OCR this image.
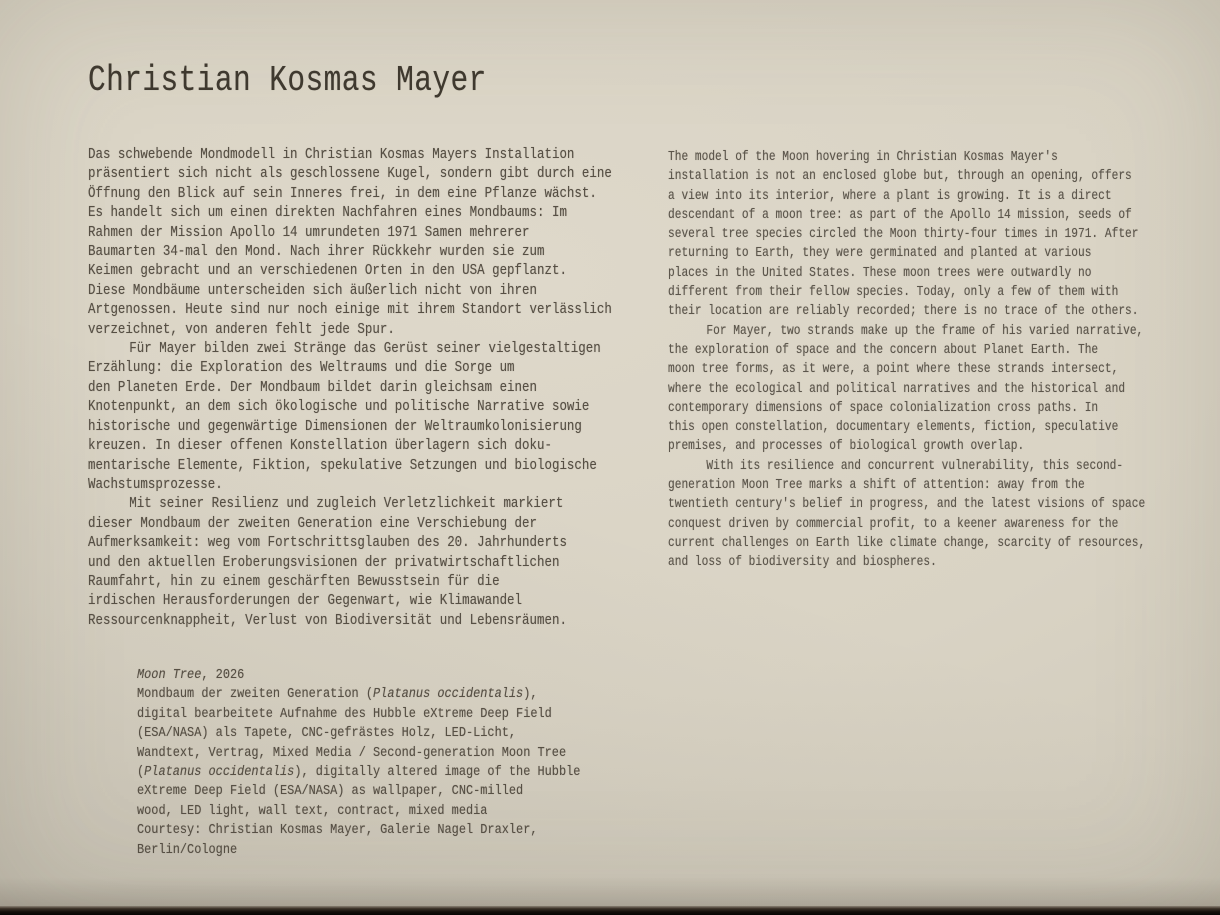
Christian Kosmas Mayer
Das schwebende Mondmodell in Christian Kosmas Mayers Installation
präsentiert sich nicht als geschlossene Kugel, sondern gibt durch eine
Öffnung den Blick auf sein Inneres frei, in dem eine Pflanze wächst.
Es handelt sich um einen direkten Nachfahren eines Mondbaums: Im
Rahmen der Mission Apollo 14 umrundeten 1971 Samen mehrerer
Baumarten 34-mal den Mond. Nach ihrer Rückkehr wurden sie zum
Keimen gebracht und an verschiedenen Orten in den USA gepflanzt.
Diese Mondbäume unterscheiden sich äußerlich nicht von ihren
Artgenossen. Heute sind nur noch einige mit ihrem Standort verlässlich
verzeichnet, von anderen fehlt jede Spur.
Für Mayer bilden zwei Stränge das Gerüst seiner vielgestaltigen
Erzählung: die Exploration des Weltraums und die Sorge um
den Planeten Erde. Der Mondbaum bildet darin gleichsam einen
Knotenpunkt, an dem sich ökologische und politische Narrative sowie
historische und gegenwärtige Dimensionen der Weltraumkolonisierung
kreuzen. In dieser offenen Konstellation überlagern sich doku-
mentarische Elemente, Fiktion, spekulative Setzungen und biologische
Wachstumsprozesse.
Mit seiner Resilienz und zugleich Verletzlichkeit markiert
dieser Mondbaum der zweiten Generation eine Verschiebung der
Aufmerksamkeit: weg vom Fortschrittsglauben des 20. Jahrhunderts
und den aktuellen Eroberungsvisionen der privatwirtschaftlichen
Raumfahrt, hin zu einem geschärften Bewusstsein für die
irdischen Herausforderungen der Gegenwart, wie Klimawandel
Ressourcenknappheit, Verlust von Biodiversität und Lebensräumen.
The model of the Moon hovering in Christian Kosmas Mayer's
installation is not an enclosed globe but, through an opening, offers
a view into its interior, where a plant is growing. It is a direct
descendant of a moon tree: as part of the Apollo 14 mission, seeds of
several tree species circled the Moon thirty-four times in 1971. After
returning to Earth, they were germinated and planted at various
places in the United States. These moon trees were outwardly no
different from their fellow species. Today, only a few of them with
their location are reliably recorded; there is no trace of the others.
For Mayer, two strands make up the frame of his varied narrative,
the exploration of space and the concern about Planet Earth. The
moon tree forms, as it were, a point where these strands intersect,
where the ecological and political narratives and the historical and
contemporary dimensions of space colonialization cross paths. In
this open constellation, documentary elements, fiction, speculative
premises, and processes of biological growth overlap.
With its resilience and concurrent vulnerability, this second-
generation Moon Tree marks a shift of attention: away from the
twentieth century's belief in progress, and the latest visions of space
conquest driven by commercial profit, to a keener awareness for the
current challenges on Earth like climate change, scarcity of resources,
and loss of biodiversity and biospheres.
Moon Tree, 2026
Mondbaum der zweiten Generation (Platanus occidentalis),
digital bearbeitete Aufnahme des Hubble eXtreme Deep Field
(ESA/NASA) als Tapete, CNC-gefrästes Holz, LED-Licht,
Wandtext, Vertrag, Mixed Media / Second-generation Moon Tree
(Platanus occidentalis), digitally altered image of the Hubble
eXtreme Deep Field (ESA/NASA) as wallpaper, CNC-milled
wood, LED light, wall text, contract, mixed media
Courtesy: Christian Kosmas Mayer, Galerie Nagel Draxler,
Berlin/Cologne
